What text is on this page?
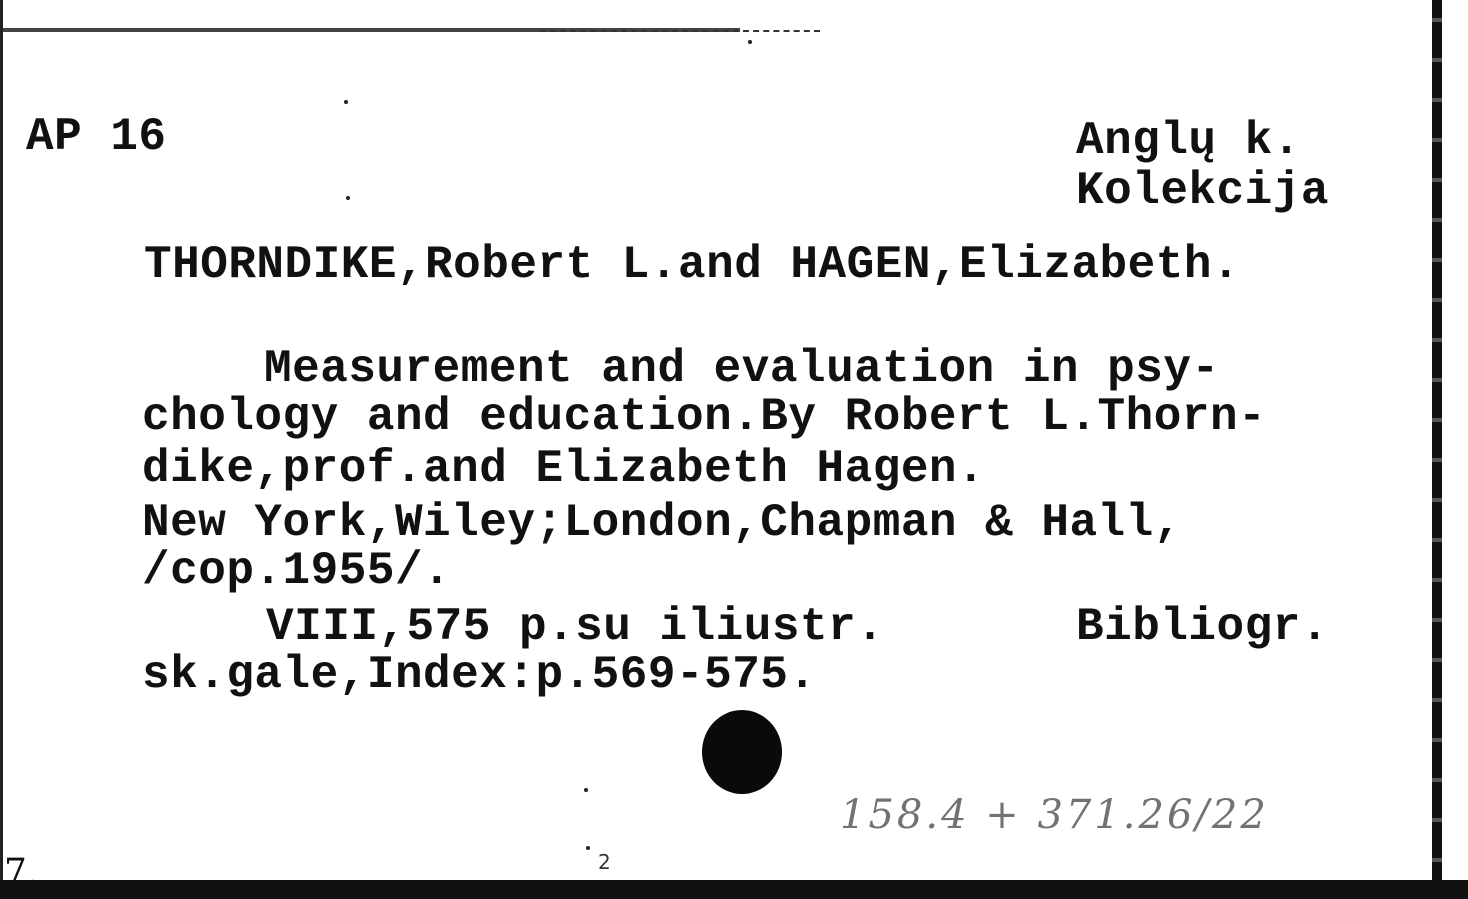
AP 16	Anglų k.
Kolekcija
THORNDIKE,Robert L.and HAGEN,Elizabeth.
Measurement and evaluation in psy-
chology and education.By Robert L.Thorn-
dike,prof.and Elizabeth Hagen.
New York,Wiley;London,Chapman & Hall,
/cop.1955/.
VIII,575 p.su iliustr.	Bibliogr.
sk.gale,Index:p.569-575.
158.4 + 371.26/22
2
7.
